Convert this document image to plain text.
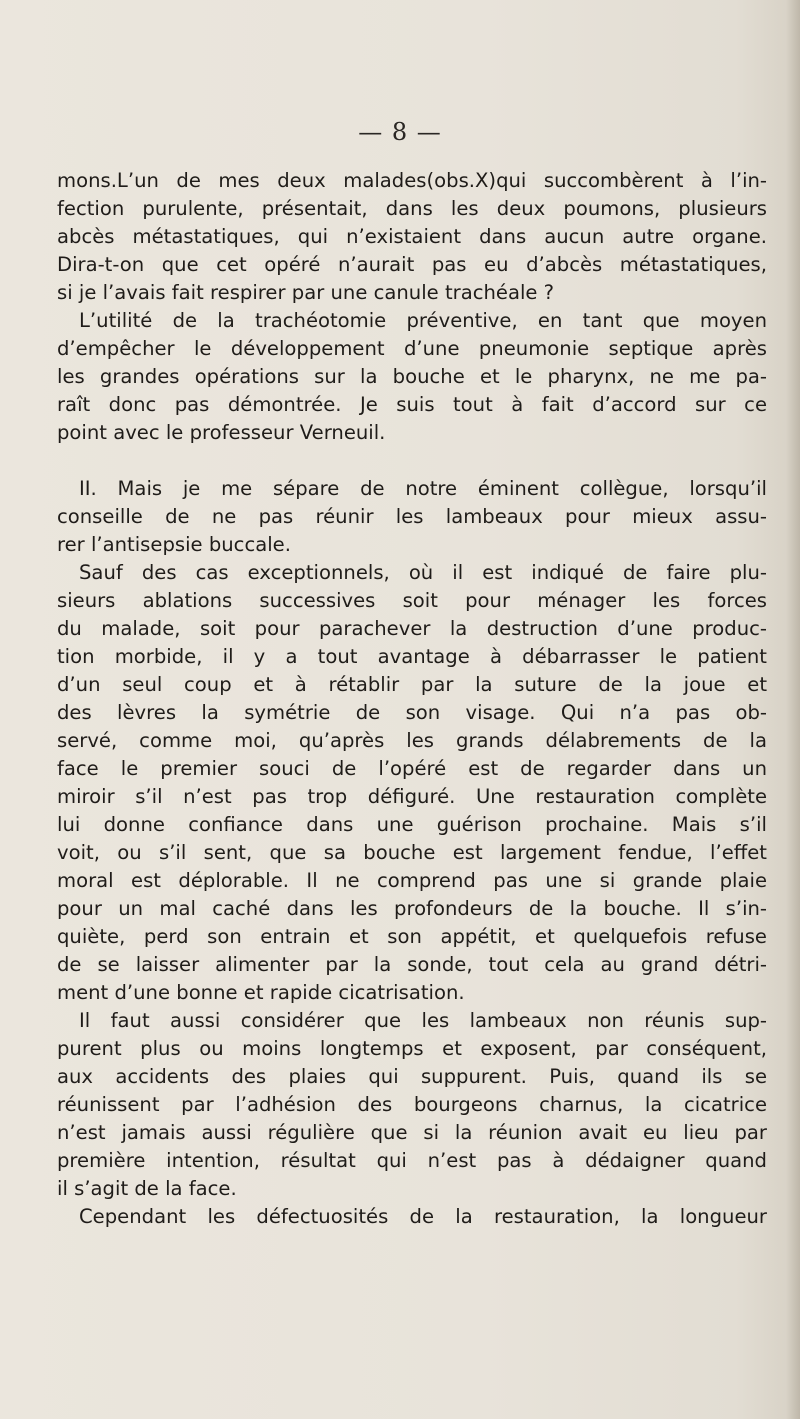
— 8 —
mons.L’un de mes deux malades(obs.X)qui succombèrent à l’in-
fection purulente, présentait, dans les deux poumons, plusieurs
abcès métastatiques, qui n’existaient dans aucun autre organe.
Dira-t-on que cet opéré n’aurait pas eu d’abcès métastatiques,
si je l’avais fait respirer par une canule trachéale ?
L’utilité de la trachéotomie préventive, en tant que moyen
d’empêcher le développement d’une pneumonie septique après
les grandes opérations sur la bouche et le pharynx, ne me pa-
raît donc pas démontrée. Je suis tout à fait d’accord sur ce
point avec le professeur Verneuil.
II. Mais je me sépare de notre éminent collègue, lorsqu’il
conseille de ne pas réunir les lambeaux pour mieux assu-
rer l’antisepsie buccale.
Sauf des cas exceptionnels, où il est indiqué de faire plu-
sieurs ablations successives soit pour ménager les forces
du malade, soit pour parachever la destruction d’une produc-
tion morbide, il y a tout avantage à débarrasser le patient
d’un seul coup et à rétablir par la suture de la joue et
des lèvres la symétrie de son visage. Qui n’a pas ob-
servé, comme moi, qu’après les grands délabrements de la
face le premier souci de l’opéré est de regarder dans un
miroir s’il n’est pas trop défiguré. Une restauration complète
lui donne confiance dans une guérison prochaine. Mais s’il
voit, ou s’il sent, que sa bouche est largement fendue, l’effet
moral est déplorable. Il ne comprend pas une si grande plaie
pour un mal caché dans les profondeurs de la bouche. Il s’in-
quiète, perd son entrain et son appétit, et quelquefois refuse
de se laisser alimenter par la sonde, tout cela au grand détri-
ment d’une bonne et rapide cicatrisation.
Il faut aussi considérer que les lambeaux non réunis sup-
purent plus ou moins longtemps et exposent, par conséquent,
aux accidents des plaies qui suppurent. Puis, quand ils se
réunissent par l’adhésion des bourgeons charnus, la cicatrice
n’est jamais aussi régulière que si la réunion avait eu lieu par
première intention, résultat qui n’est pas à dédaigner quand
il s’agit de la face.
Cependant les défectuosités de la restauration, la longueur
